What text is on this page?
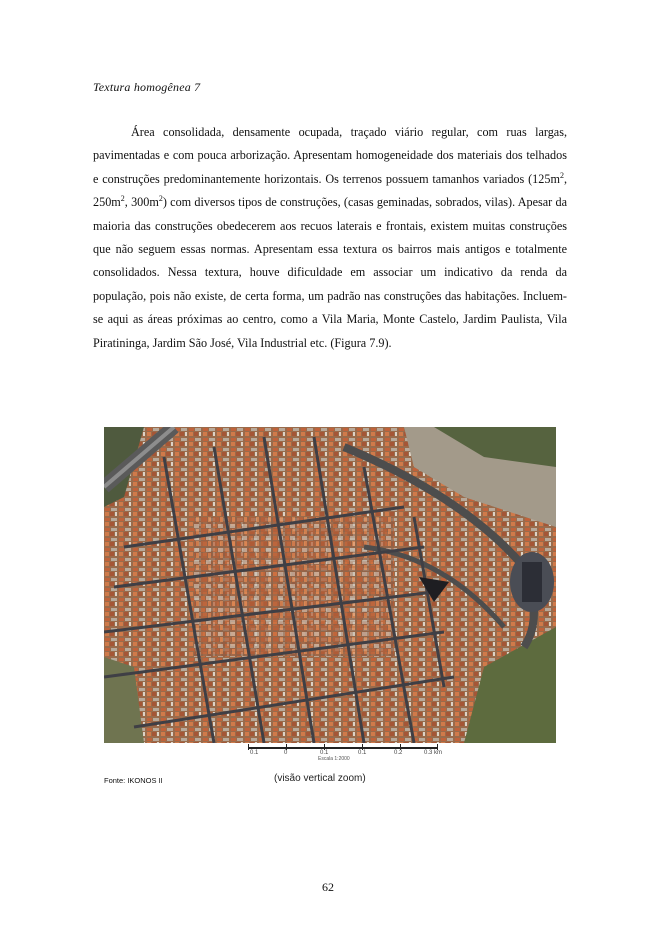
Textura homogênea 7

Área consolidada, densamente ocupada, traçado viário regular, com ruas largas, pavimentadas e com pouca arborização. Apresentam homogeneidade dos materiais dos telhados e construções predominantemente horizontais. Os terrenos possuem tamanhos variados ($125m^2$, $250m^2$, $300m^2$) com diversos tipos de construções, (casas geminadas, sobrados, vilas). Apesar da maioria das construções obedecerem aos recuos laterais e frontais, existem muitas construções que não seguem essas normas. Apresentam essa textura os bairros mais antigos e totalmente consolidados. Nessa textura, houve dificuldade em associar um indicativo da renda da população, pois não existe, de certa forma, um padrão nas construções das habitações. Incluem-se aqui as áreas próximas ao centro, como a Vila Maria, Monte Castelo, Jardim Paulista, Vila Piratininga, Jardim São José, Vila Industrial etc. (Figura 7.9).

0.1	0	0.1	0.1	0.2	0.3 km
Escala 1:2000
Fonte: IKONOS II	(visão vertical zoom)
62
